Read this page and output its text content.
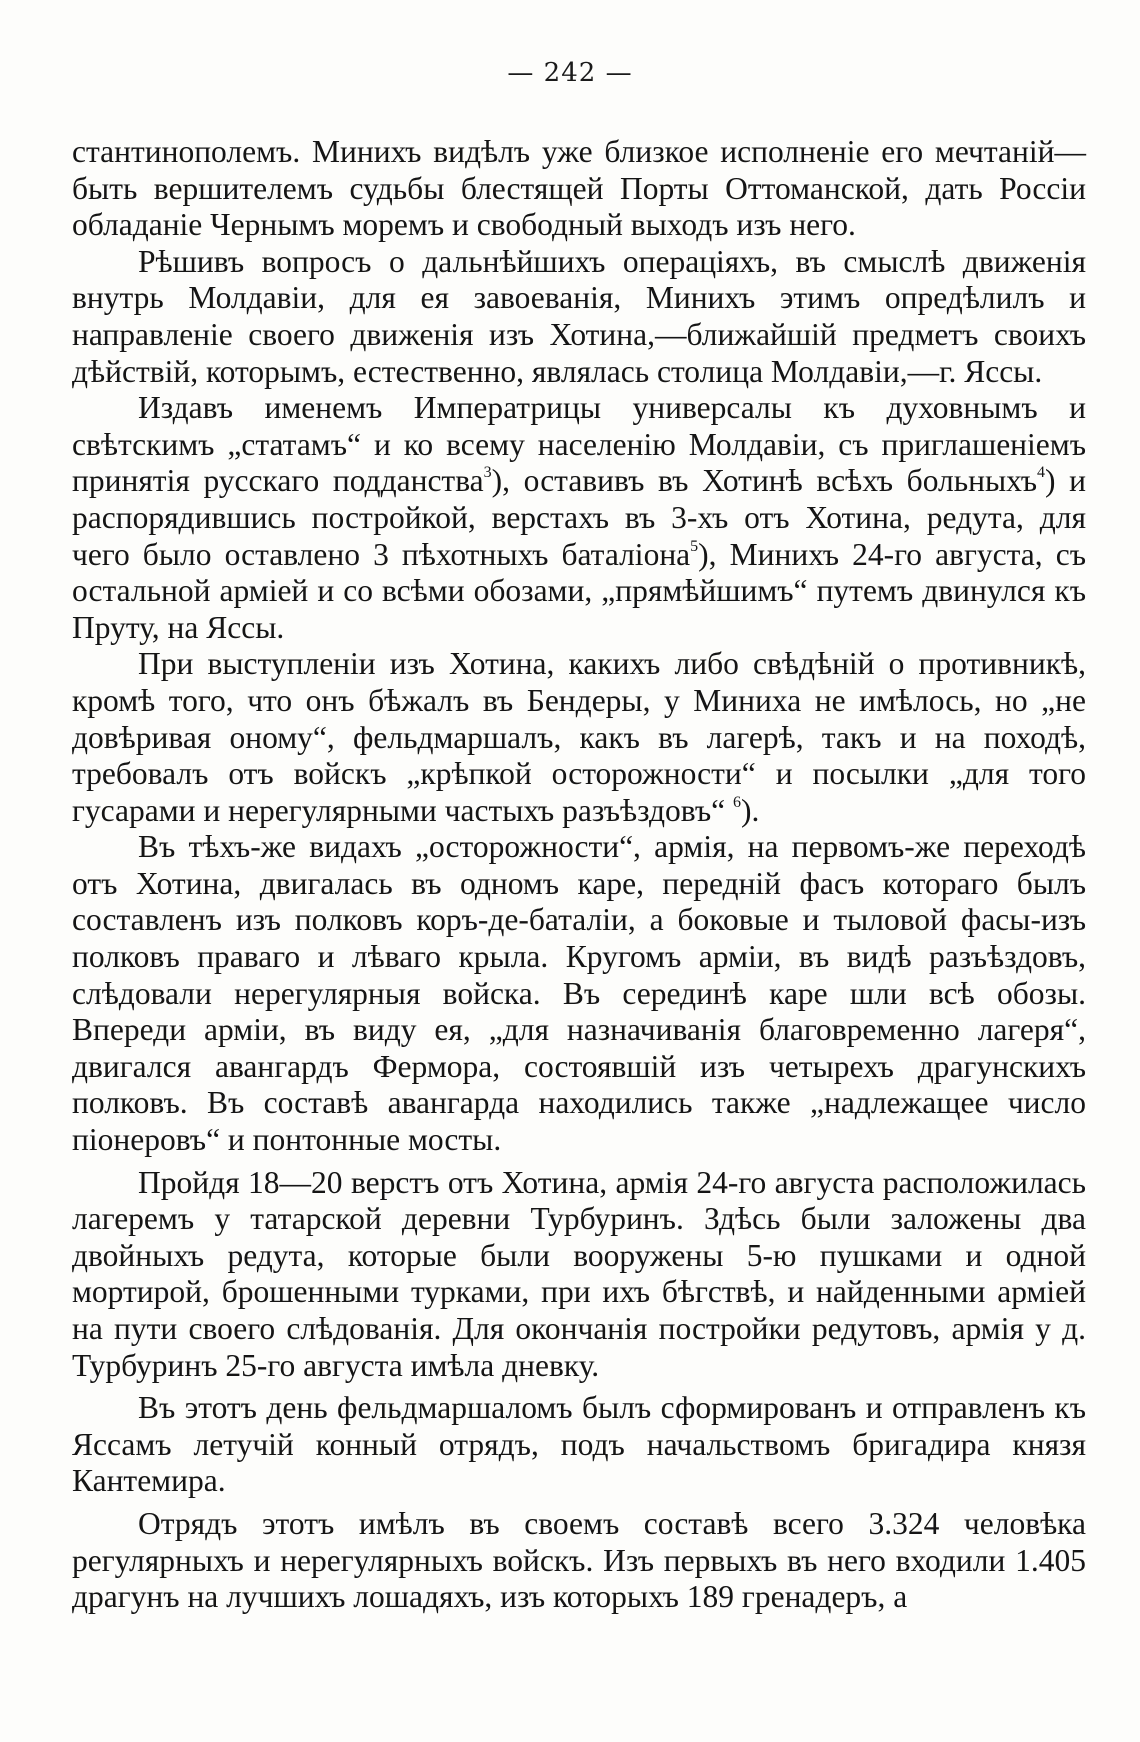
— 242 —

стантинополемъ. Минихъ видѣлъ уже близкое исполненіе его мечтаній—быть вершителемъ судьбы блестящей Порты Оттоманской, дать Россіи обладаніе Чернымъ моремъ и свободный выходъ изъ него.

Рѣшивъ вопросъ о дальнѣйшихъ операціяхъ, въ смыслѣ движенія внутрь Молдавіи, для ея завоеванія, Минихъ этимъ опредѣлилъ и направленіе своего движенія изъ Хотина,—ближайшій предметъ своихъ дѣйствій, которымъ, естественно, являлась столица Молдавіи,—г. Яссы.

Издавъ именемъ Императрицы универсалы къ духовнымъ и свѣтскимъ „статамъ“ и ко всему населенію Молдавіи, съ приглашеніемъ принятія русскаго подданства$^3$), оставивъ въ Хотинѣ всѣхъ больныхъ$^4$) и распорядившись постройкой, верстахъ въ 3-хъ отъ Хотина, редута, для чего было оставлено 3 пѣхотныхъ баталіона$^5$), Минихъ 24-го августа, съ остальной арміей и со всѣми обозами, „прямѣйшимъ“ путемъ двинулся къ Пруту, на Яссы.

При выступленіи изъ Хотина, какихъ либо свѣдѣній о противникѣ, кромѣ того, что онъ бѣжалъ въ Бендеры, у Миниха не имѣлось, но „не довѣривая оному“, фельдмаршалъ, какъ въ лагерѣ, такъ и на походѣ, требовалъ отъ войскъ „крѣпкой осторожности“ и посылки „для того гусарами и нерегулярными частыхъ разъѣздовъ“ $^6$).

Въ тѣхъ-же видахъ „осторожности“, армія, на первомъ-же переходѣ отъ Хотина, двигалась въ одномъ каре, передній фасъ котораго былъ составленъ изъ полковъ коръ-де-баталіи, а боковые и тыловой фасы-изъ полковъ праваго и лѣваго крыла. Кругомъ арміи, въ видѣ разъѣздовъ, слѣдовали нерегулярныя войска. Въ серединѣ каре шли всѣ обозы. Впереди арміи, въ виду ея, „для назначиванія благовременно лагеря“, двигался авангардъ Фермора, состоявшій изъ четырехъ драгунскихъ полковъ. Въ составѣ авангарда находились также „надлежащее число піонеровъ“ и понтонные мосты.

Пройдя 18—20 верстъ отъ Хотина, армія 24-го августа расположилась лагеремъ у татарской деревни Турбуринъ. Здѣсь были заложены два двойныхъ редута, которые были вооружены 5-ю пушками и одной мортирой, брошенными турками, при ихъ бѣгствѣ, и найденными арміей на пути своего слѣдованія. Для окончанія постройки редутовъ, армія у д. Турбуринъ 25-го августа имѣла дневку.

Въ этотъ день фельдмаршаломъ былъ сформированъ и отправленъ къ Яссамъ летучій конный отрядъ, подъ начальствомъ бригадира князя Кантемира.

Отрядъ этотъ имѣлъ въ своемъ составѣ всего 3.324 человѣка регулярныхъ и нерегулярныхъ войскъ. Изъ первыхъ въ него входили 1.405 драгунъ на лучшихъ лошадяхъ, изъ которыхъ 189 гренадеръ, а
